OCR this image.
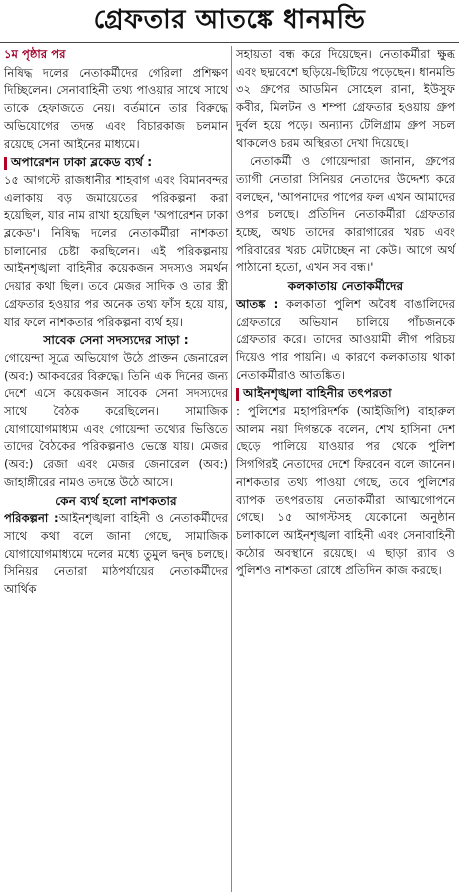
গ্রেফতার আতঙ্কে ধানমন্ডি

১ম পৃষ্ঠার পর

নিষিদ্ধ দলের নেতাকর্মীদের গেরিলা প্রশিক্ষণ দিচ্ছিলেন। সেনাবাহিনী তথ্য পাওয়ার সাথে সাথে তাকে হেফাজতে নেয়। বর্তমানে তার বিরুদ্ধে অভিযোগের তদন্ত এবং বিচারকাজ চলমান রয়েছে সেনা আইনের মাধ্যমে।

অপারেশন ঢাকা ব্লকেড ব্যর্থ :

১৫ আগস্টে রাজধানীর শাহবাগ এবং বিমানবন্দর এলাকায় বড় জমায়েতের পরিকল্পনা করা হয়েছিল, যার নাম রাখা হয়েছিল 'অপারেশন ঢাকা ব্লকেড'। নিষিদ্ধ দলের নেতাকর্মীরা নাশকতা চালানোর চেষ্টা করছিলেন। এই পরিকল্পনায় আইনশৃঙ্খলা বাহিনীর কয়েকজন সদস্যও সমর্থন দেয়ার কথা ছিল। তবে মেজর সাদিক ও তার স্ত্রী গ্রেফতার হওয়ার পর অনেক তথ্য ফাঁস হয়ে যায়, যার ফলে নাশকতার পরিকল্পনা ব্যর্থ হয়।

সাবেক সেনা সদস্যদের সাড়া :

গোয়েন্দা সূত্রে অভিযোগ উঠে প্রাক্তন জেনারেল (অব:) আকবরের বিরুদ্ধে। তিনি এক দিনের জন্য দেশে এসে কয়েকজন সাবেক সেনা সদস্যদের সাথে বৈঠক করেছিলেন। সামাজিক যোগাযোগমাধ্যম এবং গোয়েন্দা তথ্যের ভিত্তিতে তাদের বৈঠকের পরিকল্পনাও ভেস্তে যায়। মেজর (অব:) রেজা এবং মেজর জেনারেল (অব:) জাহাঙ্গীরের নামও তদন্তে উঠে আসে।

কেন ব্যর্থ হলো নাশকতার

পরিকল্পনা :আইনশৃঙ্খলা বাহিনী ও নেতাকর্মীদের সাথে কথা বলে জানা গেছে, সামাজিক যোগাযোগমাধ্যমে দলের মধ্যে তুমুল দ্বন্দ্ব চলছে। সিনিয়র নেতারা মাঠপর্যায়ের নেতাকর্মীদের আর্থিক

সহায়তা বন্ধ করে দিয়েছেন। নেতাকর্মীরা ক্ষুব্ধ এবং ছদ্মবেশে ছড়িয়ে-ছিটিয়ে পড়েছেন। ধানমন্ডি ৩২ গ্রুপের আডমিন সোহেল রানা, ইউসুফ কবীর, মিলটন ও শম্পা গ্রেফতার হওয়ায় গ্রুপ দুর্বল হয়ে পড়ে। অন্যান্য টেলিগ্রাম গ্রুপ সচল থাকলেও চরম অস্থিরতা দেখা দিয়েছে।

নেতাকর্মী ও গোয়েন্দারা জানান, গ্রুপের ত্যাগী নেতারা সিনিয়র নেতাদের উদ্দেশ্য করে বলছেন, 'আপনাদের পাপের ফল এখন আমাদের ওপর চলছে। প্রতিদিন নেতাকর্মীরা গ্রেফতার হচ্ছে, অথচ তাদের কারাগারের খরচ এবং পরিবারের খরচ মেটাচ্ছেন না কেউ। আগে অর্থ পাঠানো হতো, এখন সব বন্ধ।'

কলকাতায় নেতাকর্মীদের

আতঙ্ক : কলকাতা পুলিশ অবৈধ বাঙালিদের গ্রেফতারে অভিযান চালিয়ে পাঁচজনকে গ্রেফতার করে। তাদের আওয়ামী লীগ পরিচয় দিয়েও পার পায়নি। এ কারণে কলকাতায় থাকা নেতাকর্মীরাও আতঙ্কিত।

আইনশৃঙ্খলা বাহিনীর তৎপরতা

: পুলিশের মহাপরিদর্শক (আইজিপি) বাহারুল আলম নয়া দিগন্তকে বলেন, শেখ হাসিনা দেশ ছেড়ে পালিয়ে যাওয়ার পর থেকে পুলিশ সিগগিরই নেতাদের দেশে ফিরবেন বলে জানেন। নাশকতার তথ্য পাওয়া গেছে, তবে পুলিশের ব্যাপক তৎপরতায় নেতাকর্মীরা আত্মগোপনে গেছে। ১৫ আগস্টসহ যেকোনো অনুষ্ঠান চলাকালে আইনশৃঙ্খলা বাহিনী এবং সেনাবাহিনী কঠোর অবস্থানে রয়েছে। এ ছাড়া র‍্যাব ও পুলিশও নাশকতা রোধে প্রতিদিন কাজ করছে।
